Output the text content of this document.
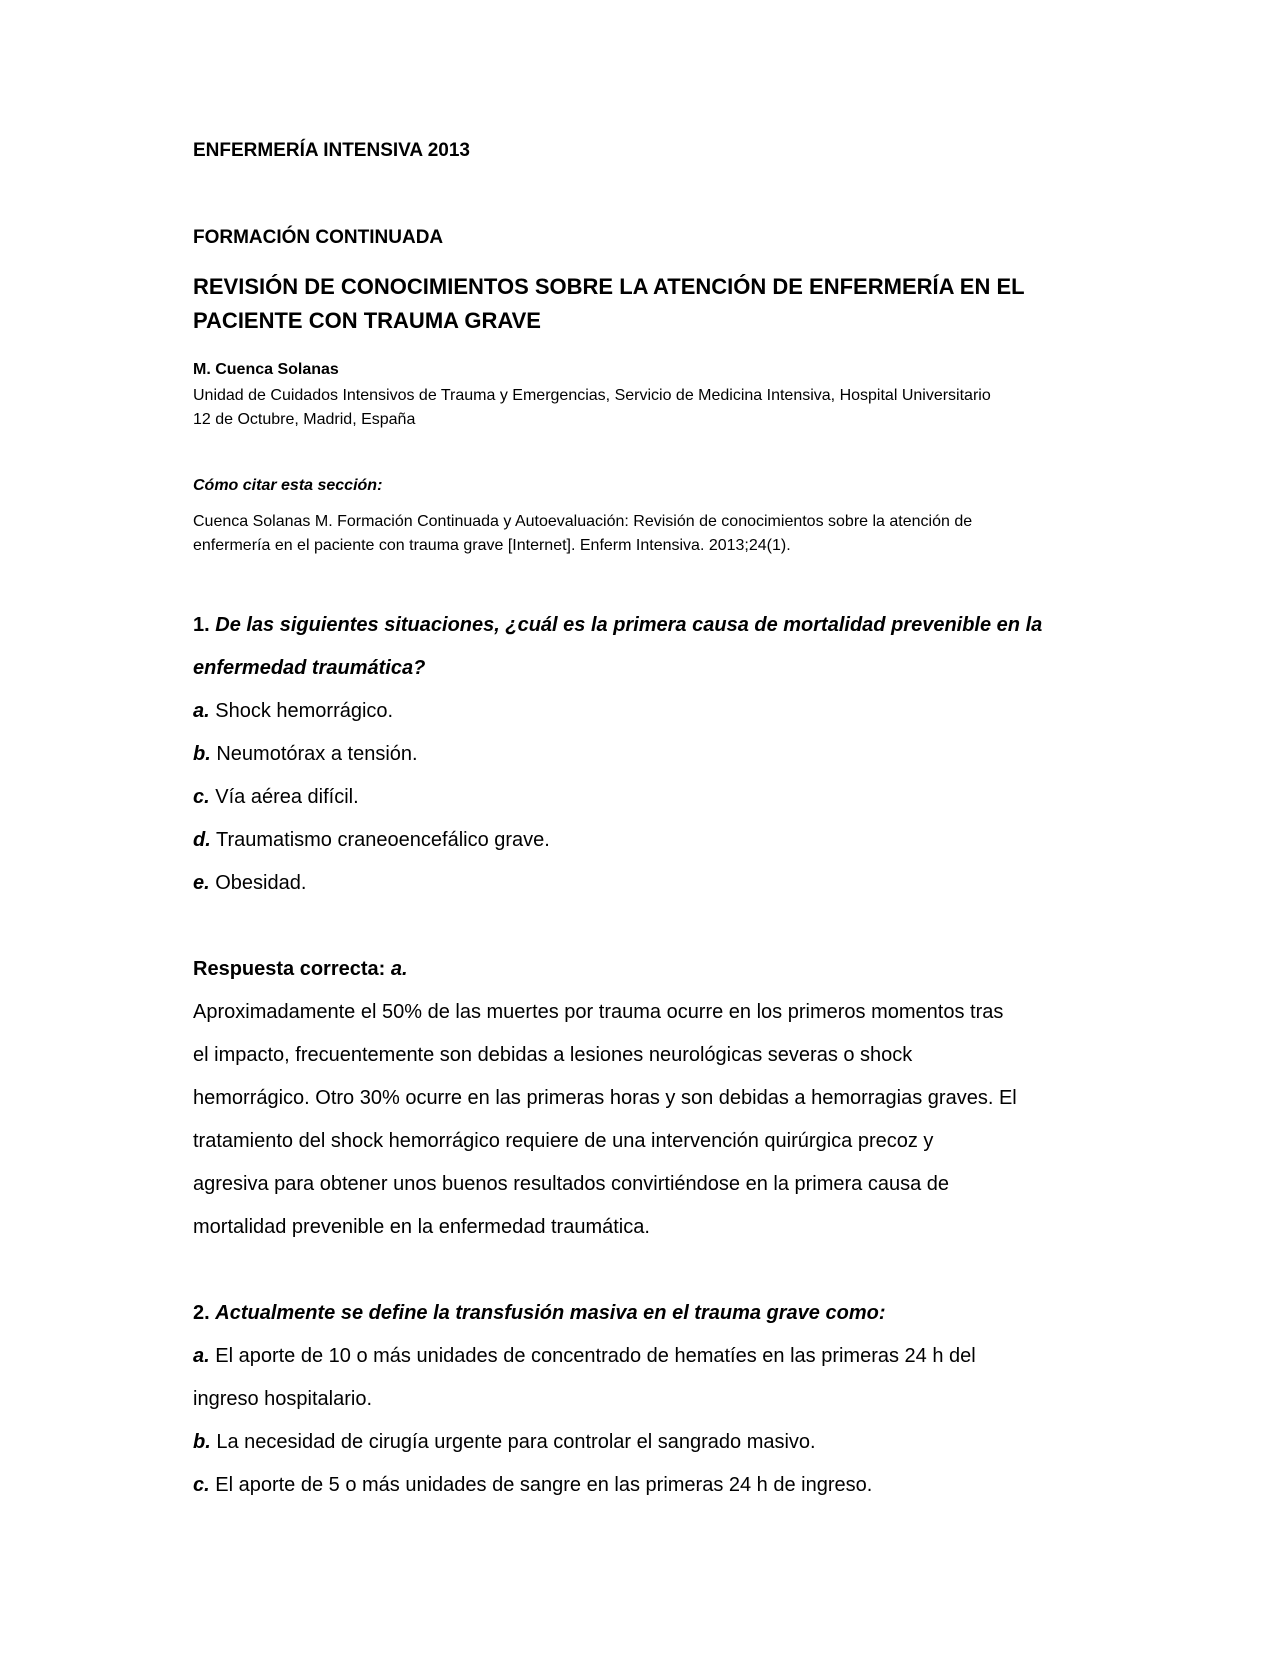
ENFERMERÍA INTENSIVA 2013

FORMACIÓN CONTINUADA

REVISIÓN DE CONOCIMIENTOS SOBRE LA ATENCIÓN DE ENFERMERÍA EN EL
PACIENTE CON TRAUMA GRAVE

M. Cuenca Solanas

Unidad de Cuidados Intensivos de Trauma y Emergencias, Servicio de Medicina Intensiva, Hospital Universitario
12 de Octubre, Madrid, España

Cómo citar esta sección:

Cuenca Solanas M. Formación Continuada y Autoevaluación: Revisión de conocimientos sobre la atención de
enfermería en el paciente con trauma grave [Internet]. Enferm Intensiva. 2013;24(1).

1. De las siguientes situaciones, ¿cuál es la primera causa de mortalidad prevenible en la

enfermedad traumática?

a. Shock hemorrágico.

b. Neumotórax a tensión.

c. Vía aérea difícil.

d. Traumatismo craneoencefálico grave.

e. Obesidad.

Respuesta correcta: a.

Aproximadamente el 50% de las muertes por trauma ocurre en los primeros momentos tras

el impacto, frecuentemente son debidas a lesiones neurológicas severas o shock

hemorrágico. Otro 30% ocurre en las primeras horas y son debidas a hemorragias graves. El

tratamiento del shock hemorrágico requiere de una intervención quirúrgica precoz y

agresiva para obtener unos buenos resultados convirtiéndose en la primera causa de

mortalidad prevenible en la enfermedad traumática.

2. Actualmente se define la transfusión masiva en el trauma grave como:

a. El aporte de 10 o más unidades de concentrado de hematíes en las primeras 24 h del

ingreso hospitalario.

b. La necesidad de cirugía urgente para controlar el sangrado masivo.

c. El aporte de 5 o más unidades de sangre en las primeras 24 h de ingreso.
